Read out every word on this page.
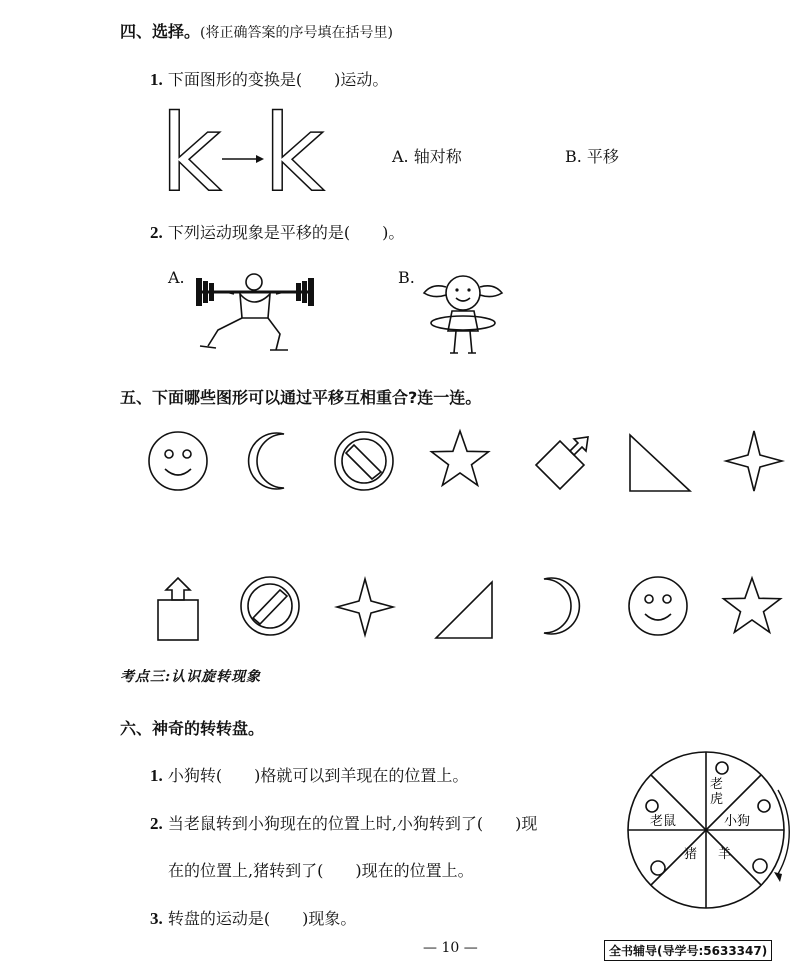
四、选择。(将正确答案的序号填在括号里)
1. 下面图形的变换是(　　)运动。
k k	A. 轴对称	B. 平移
2. 下列运动现象是平移的是(　　)。
A.	B.
五、下面哪些图形可以通过平移互相重合?连一连。
考点三:认识旋转现象
六、神奇的转转盘。
1. 小狗转(　　)格就可以到羊现在的位置上。
2. 当老鼠转到小狗现在的位置上时,小狗转到了(　　)现
在的位置上,猪转到了(　　)现在的位置上。
3. 转盘的运动是(　　)现象。
老
虎
老鼠	小狗
猪 羊
— 10 —	全书辅导(导学号:5633347)
